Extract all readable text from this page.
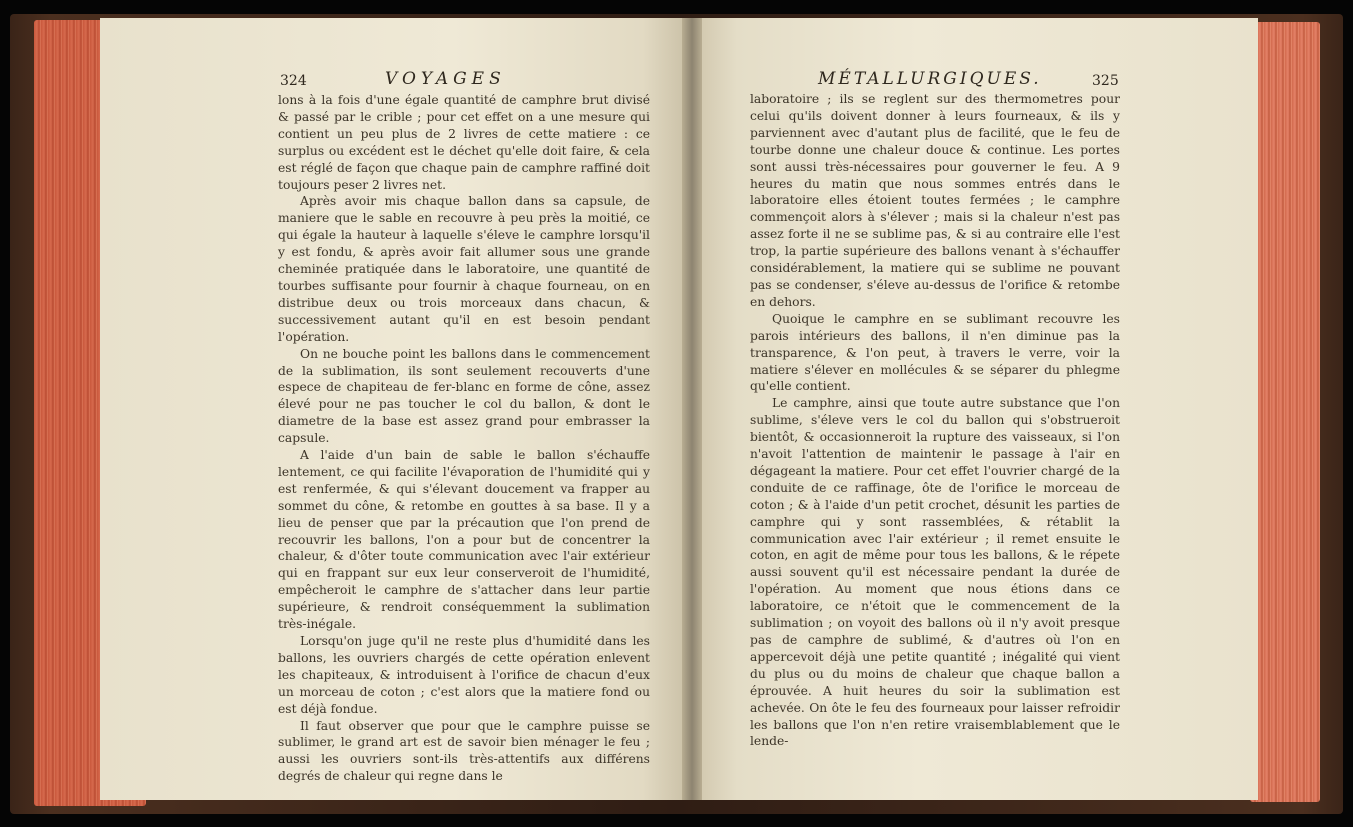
324	VOYAGES

lons à la fois d'une égale quantité de camphre brut divisé & passé par le crible ; pour cet effet on a une mesure qui contient un peu plus de 2 livres de cette matiere : ce surplus ou excédent est le déchet qu'elle doit faire, & cela est réglé de façon que chaque pain de camphre raffiné doit toujours peser 2 livres net.

Après avoir mis chaque ballon dans sa capsule, de maniere que le sable en recouvre à peu près la moitié, ce qui égale la hauteur à laquelle s'éleve le camphre lorsqu'il y est fondu, & après avoir fait allumer sous une grande cheminée pratiquée dans le laboratoire, une quantité de tourbes suffisante pour fournir à chaque fourneau, on en distribue deux ou trois morceaux dans chacun, & successivement autant qu'il en est besoin pendant l'opération.

On ne bouche point les ballons dans le commencement de la sublimation, ils sont seulement recouverts d'une espece de chapiteau de fer-blanc en forme de cône, assez élevé pour ne pas toucher le col du ballon, & dont le diametre de la base est assez grand pour embrasser la capsule.

A l'aide d'un bain de sable le ballon s'échauffe lentement, ce qui facilite l'évaporation de l'humidité qui y est renfermée, & qui s'élevant doucement va frapper au sommet du cône, & retombe en gouttes à sa base. Il y a lieu de penser que par la précaution que l'on prend de recouvrir les ballons, l'on a pour but de concentrer la chaleur, & d'ôter toute communication avec l'air extérieur qui en frappant sur eux leur conserveroit de l'humidité, empêcheroit le camphre de s'attacher dans leur partie supérieure, & rendroit conséquemment la sublimation très-inégale.

Lorsqu'on juge qu'il ne reste plus d'humidité dans les ballons, les ouvriers chargés de cette opération enlevent les chapiteaux, & introduisent à l'orifice de chacun d'eux un morceau de coton ; c'est alors que la matiere fond ou est déjà fondue.

Il faut observer que pour que le camphre puisse se sublimer, le grand art est de savoir bien ménager le feu ; aussi les ouvriers sont-ils très-attentifs aux différens degrés de chaleur qui regne dans le

MÉTALLURGIQUES.	325

laboratoire ; ils se reglent sur des thermometres pour celui qu'ils doivent donner à leurs fourneaux, & ils y parviennent avec d'autant plus de facilité, que le feu de tourbe donne une chaleur douce & continue. Les portes sont aussi très-nécessaires pour gouverner le feu. A 9 heures du matin que nous sommes entrés dans le laboratoire elles étoient toutes fermées ; le camphre commençoit alors à s'élever ; mais si la chaleur n'est pas assez forte il ne se sublime pas, & si au contraire elle l'est trop, la partie supérieure des ballons venant à s'échauffer considérablement, la matiere qui se sublime ne pouvant pas se condenser, s'éleve au-dessus de l'orifice & retombe en dehors.

Quoique le camphre en se sublimant recouvre les parois intérieurs des ballons, il n'en diminue pas la transparence, & l'on peut, à travers le verre, voir la matiere s'élever en mollécules & se séparer du phlegme qu'elle contient.

Le camphre, ainsi que toute autre substance que l'on sublime, s'éleve vers le col du ballon qui s'obstrueroit bientôt, & occasionneroit la rupture des vaisseaux, si l'on n'avoit l'attention de maintenir le passage à l'air en dégageant la matiere. Pour cet effet l'ouvrier chargé de la conduite de ce raffinage, ôte de l'orifice le morceau de coton ; & à l'aide d'un petit crochet, désunit les parties de camphre qui y sont rassemblées, & rétablit la communication avec l'air extérieur ; il remet ensuite le coton, en agit de même pour tous les ballons, & le répete aussi souvent qu'il est nécessaire pendant la durée de l'opération. Au moment que nous étions dans ce laboratoire, ce n'étoit que le commencement de la sublimation ; on voyoit des ballons où il n'y avoit presque pas de camphre de sublimé, & d'autres où l'on en appercevoit déjà une petite quantité ; inégalité qui vient du plus ou du moins de chaleur que chaque ballon a éprouvée. A huit heures du soir la sublimation est achevée. On ôte le feu des fourneaux pour laisser refroidir les ballons que l'on n'en retire vraisemblablement que le lende-
